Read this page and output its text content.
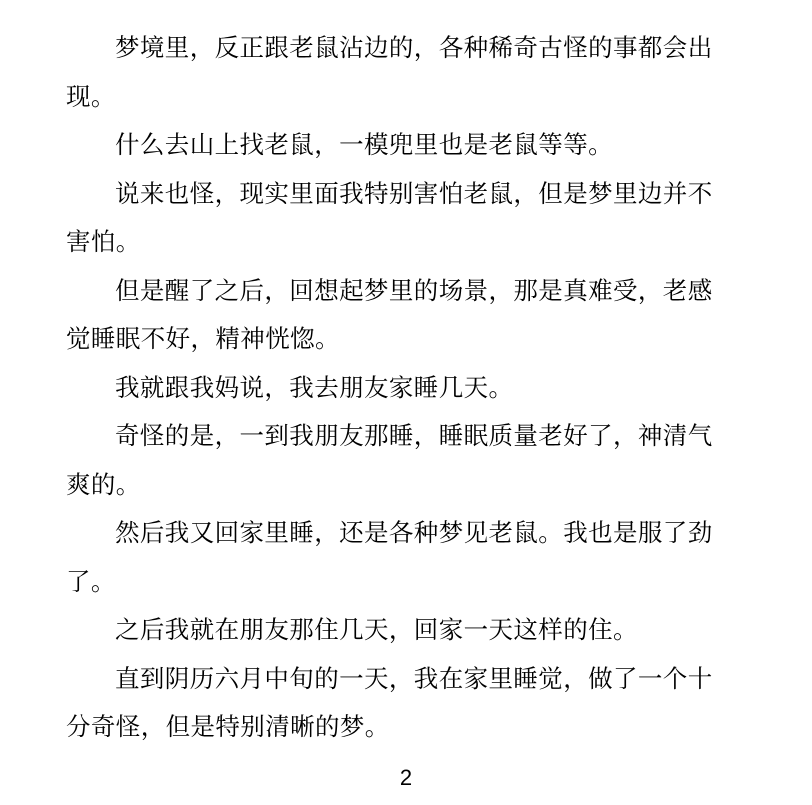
梦境里，反正跟老鼠沾边的，各种稀奇古怪的事都会出
现。
什么去山上找老鼠，一模兜里也是老鼠等等。
说来也怪，现实里面我特别害怕老鼠，但是梦里边并不
害怕。
但是醒了之后，回想起梦里的场景，那是真难受，老感
觉睡眠不好，精神恍惚。
我就跟我妈说，我去朋友家睡几天。
奇怪的是，一到我朋友那睡，睡眠质量老好了，神清气
爽的。
然后我又回家里睡，还是各种梦见老鼠。我也是服了劲
了。
之后我就在朋友那住几天，回家一天这样的住。
直到阴历六月中旬的一天，我在家里睡觉，做了一个十
分奇怪，但是特别清晰的梦。
2
